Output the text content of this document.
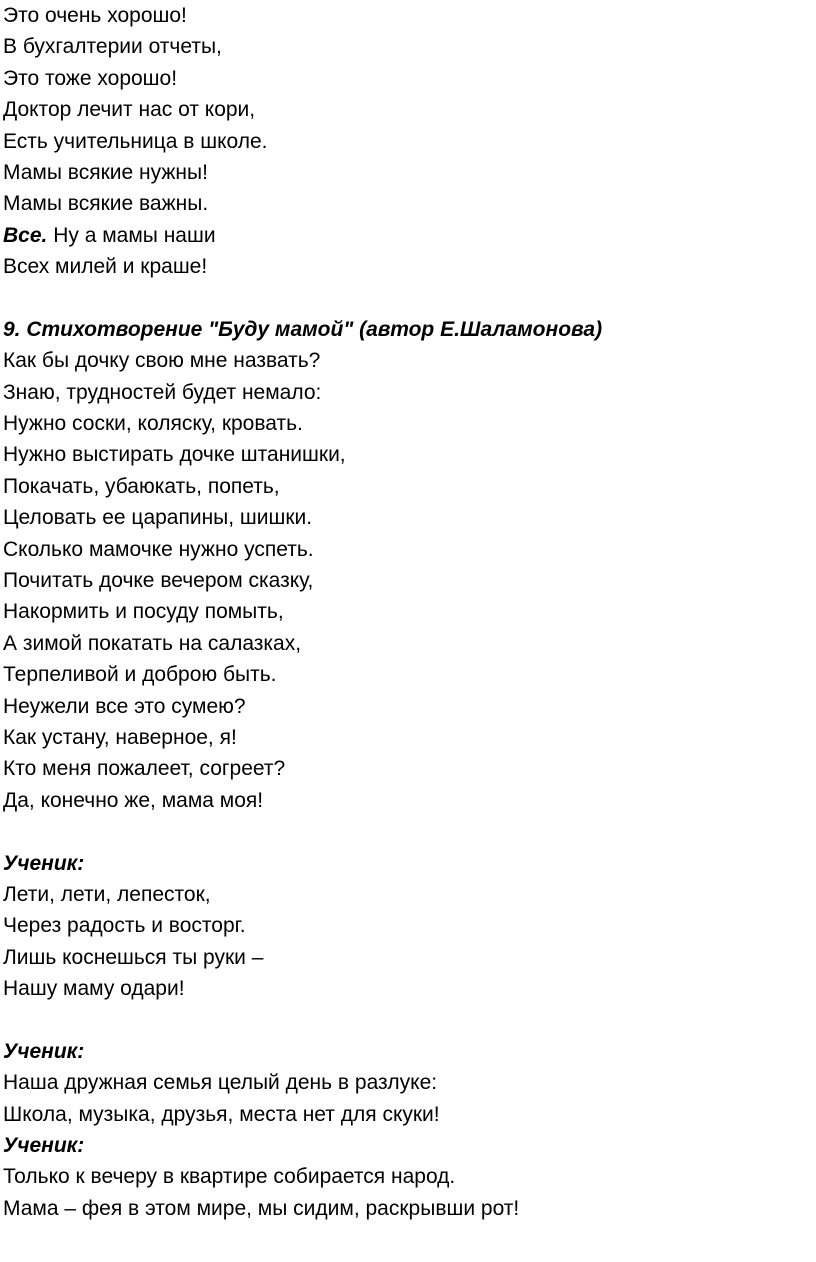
Это очень хорошо!
В бухгалтерии отчеты,
Это тоже хорошо!
Доктор лечит нас от кори,
Есть учительница в школе.
Мамы всякие нужны!
Мамы всякие важны.
Все. Ну а мамы наши
Всех милей и краше!
9. Стихотворение "Буду мамой" (автор Е.Шаламонова)
Как бы дочку свою мне назвать?
Знаю, трудностей будет немало:
Нужно соски, коляску, кровать.
Нужно выстирать дочке штанишки,
Покачать, убаюкать, попеть,
Целовать ее царапины, шишки.
Сколько мамочке нужно успеть.
Почитать дочке вечером сказку,
Накормить и посуду помыть,
А зимой покатать на салазках,
Терпеливой и доброю быть.
Неужели все это сумею?
Как устану, наверное, я!
Кто меня пожалеет, согреет?
Да, конечно же, мама моя!
Ученик:
Лети, лети, лепесток,
Через радость и восторг.
Лишь коснешься ты руки –
Нашу маму одари!
Ученик:
Наша дружная семья целый день в разлуке:
Школа, музыка, друзья, места нет для скуки!
Ученик:
Только к вечеру в квартире собирается народ.
Мама – фея в этом мире, мы сидим, раскрывши рот!
